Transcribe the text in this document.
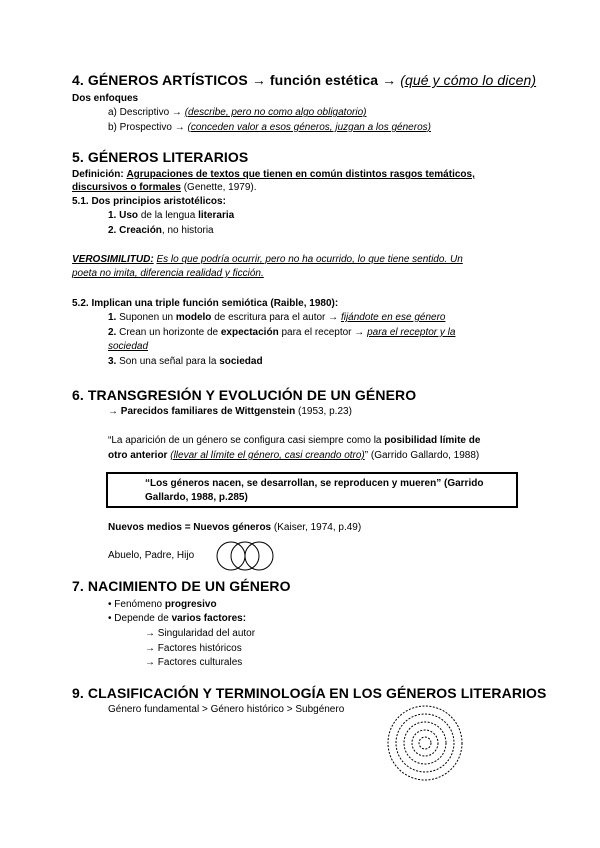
4. GÉNEROS ARTÍSTICOS → función estética → (qué y cómo lo dicen)
Dos enfoques
a) Descriptivo → (describe, pero no como algo obligatorio)
b) Prospectivo → (conceden valor a esos géneros, juzgan a los géneros)
5. GÉNEROS LITERARIOS
Definición: Agrupaciones de textos que tienen en común distintos rasgos temáticos,
discursivos o formales (Genette, 1979).
5.1. Dos principios aristotélicos:
1. Uso de la lengua literaria
2. Creación, no historia
VEROSIMILITUD: Es lo que podría ocurrir, pero no ha ocurrido, lo que tiene sentido. Un
poeta no imita, diferencia realidad y ficción.
5.2. Implican una triple función semiótica (Raible, 1980):
1. Suponen un modelo de escritura para el autor → fijándote en ese género
2. Crean un horizonte de expectación para el receptor → para el receptor y la
sociedad
3. Son una señal para la sociedad
6. TRANSGRESIÓN Y EVOLUCIÓN DE UN GÉNERO
→ Parecidos familiares de Wittgenstein (1953, p.23)
“La aparición de un género se configura casi siempre como la posibilidad límite de
otro anterior (llevar al límite el género, casi creando otro)” (Garrido Gallardo, 1988)
“Los géneros nacen, se desarrollan, se reproducen y mueren” (Garrido
Gallardo, 1988, p.285)
Nuevos medios = Nuevos géneros (Kaiser, 1974, p.49)
Abuelo, Padre, Hijo
7. NACIMIENTO DE UN GÉNERO
• Fenómeno progresivo
• Depende de varios factores:
→ Singularidad del autor
→ Factores históricos
→ Factores culturales
9. CLASIFICACIÓN Y TERMINOLOGÍA EN LOS GÉNEROS LITERARIOS
Género fundamental > Género histórico > Subgénero
